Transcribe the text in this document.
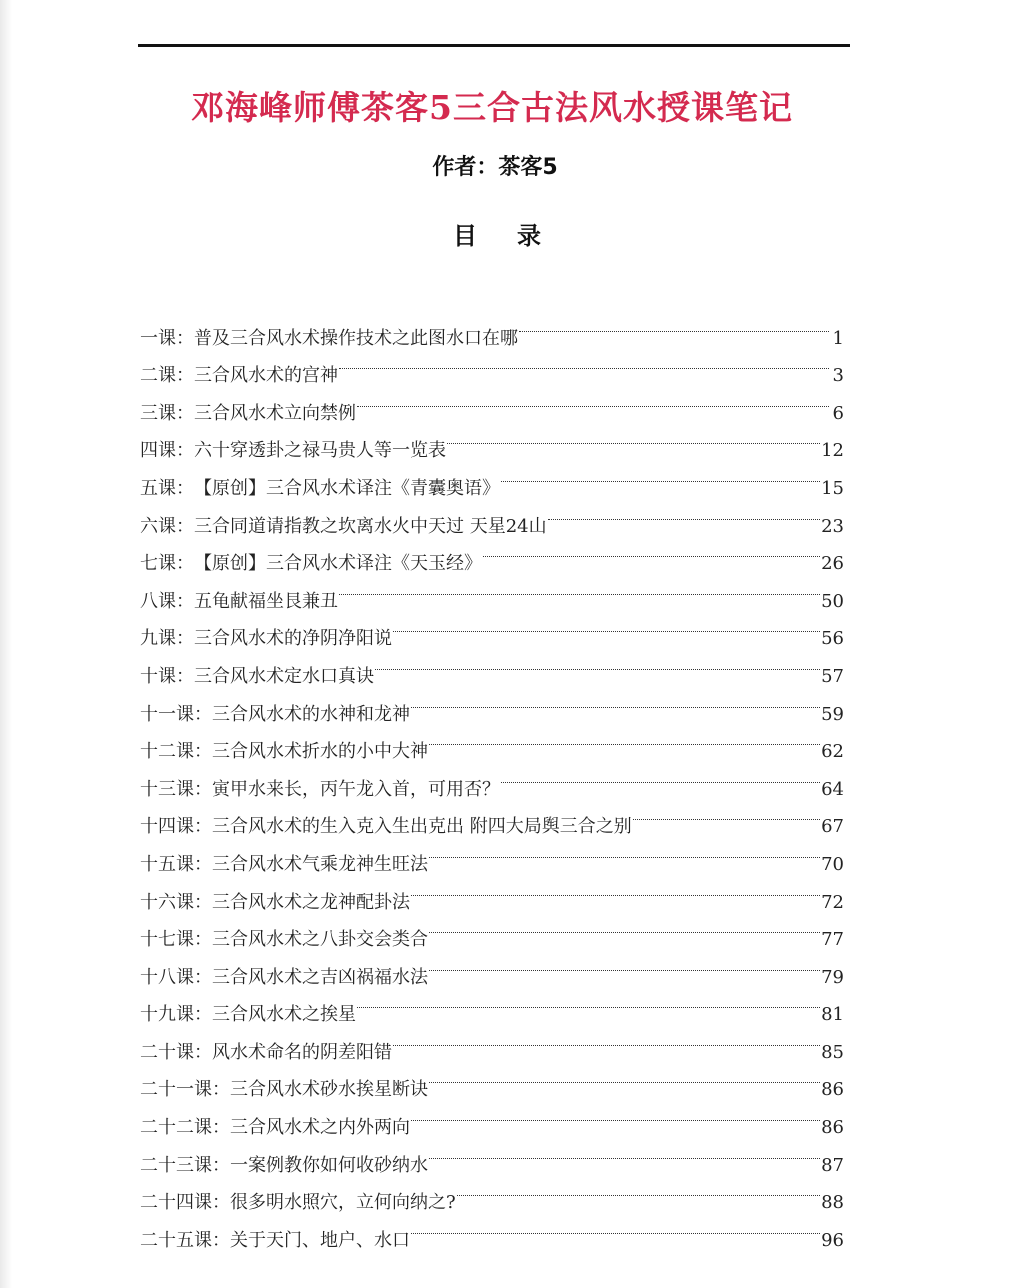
邓海峰师傅茶客5三合古法风水授课笔记
作者：茶客5
目录
一课： 普及三合风水术操作技术之此图水口在哪	1
二课： 三合风水术的宫神	3
三课： 三合风水术立向禁例	6
四课： 六十穿透卦之禄马贵人等一览表	12
五课： 【原创】三合风水术译注《青囊奥语》	15
六课： 三合同道请指教之坎离水火中天过 天星24山	23
七课： 【原创】三合风水术译注《天玉经》	26
八课： 五龟献福坐艮兼丑	50
九课： 三合风水术的净阴净阳说	56
十课： 三合风水术定水口真诀	57
十一课： 三合风水术的水神和龙神	59
十二课： 三合风水术折水的小中大神	62
十三课： 寅甲水来长，丙午龙入首，可用否？	64
十四课： 三合风水术的生入克入生出克出 附四大局舆三合之别	67
十五课： 三合风水术气乘龙神生旺法	70
十六课： 三合风水术之龙神配卦法	72
十七课： 三合风水术之八卦交会类合	77
十八课： 三合风水术之吉凶祸福水法	79
十九课： 三合风水术之挨星	81
二十课： 风水术命名的阴差阳错	85
二十一课： 三合风水术砂水挨星断诀	86
二十二课： 三合风水术之内外两向	86
二十三课： 一案例教你如何收砂纳水	87
二十四课： 很多明水照穴，立何向纳之?	88
二十五课： 关于天门、地户、水口	96
